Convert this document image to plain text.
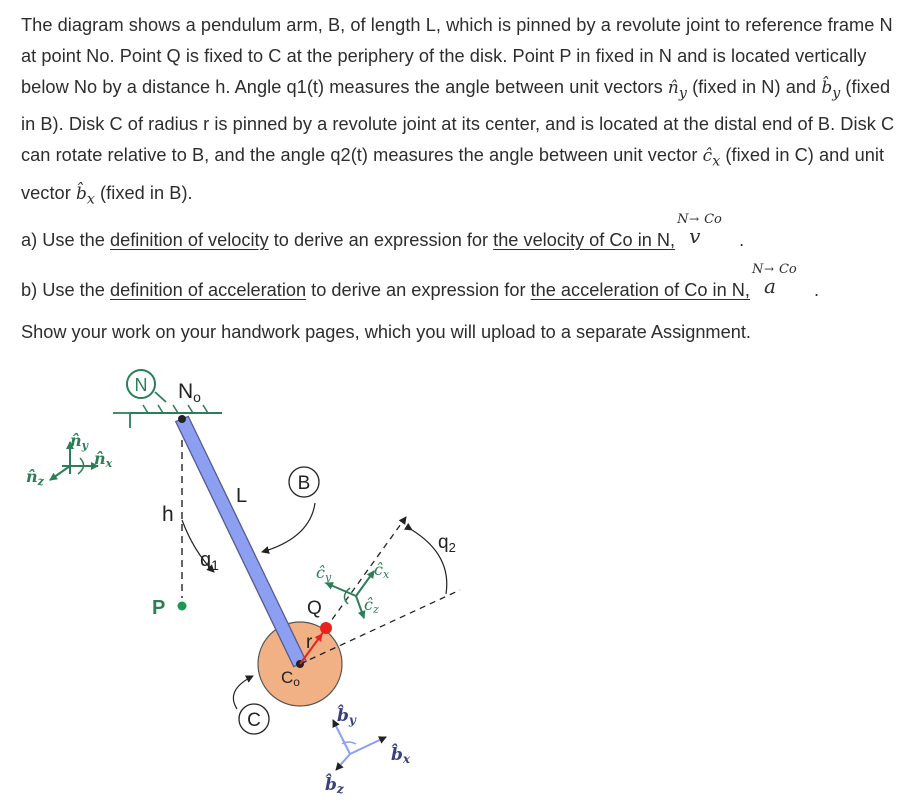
The diagram shows a pendulum arm, B, of length L, which is pinned by a revolute joint to reference frame N at point No. Point Q is fixed to C at the periphery of the disk. Point P in fixed in N and is located vertically below No by a distance h. Angle q1(t) measures the angle between unit vectors $n̂_y$ (fixed in N) and $b̂_y$ (fixed in B). Disk C of radius r is pinned by a revolute joint at its center, and is located at the distal end of B. Disk C can rotate relative to B, and the angle q2(t) measures the angle between unit vector $ĉ_x$ (fixed in C) and unit vector $b̂_x$ (fixed in B).

a) Use the definition of velocity to derive an expression for the velocity of Co in N,
N →
v
Co
.
b) Use the definition of acceleration to derive an expression for the acceleration of Co in N,
N →
a
Co
.
Show your work on your handwork pages, which you will upload to a separate Assignment.
N No
h
P
$q_1$
L
B
$q_2$
Q
r
Co
C
n̂y
n̂x
n̂z
ĉy	ĉx
ĉz
b̂y
b̂x
b̂z
